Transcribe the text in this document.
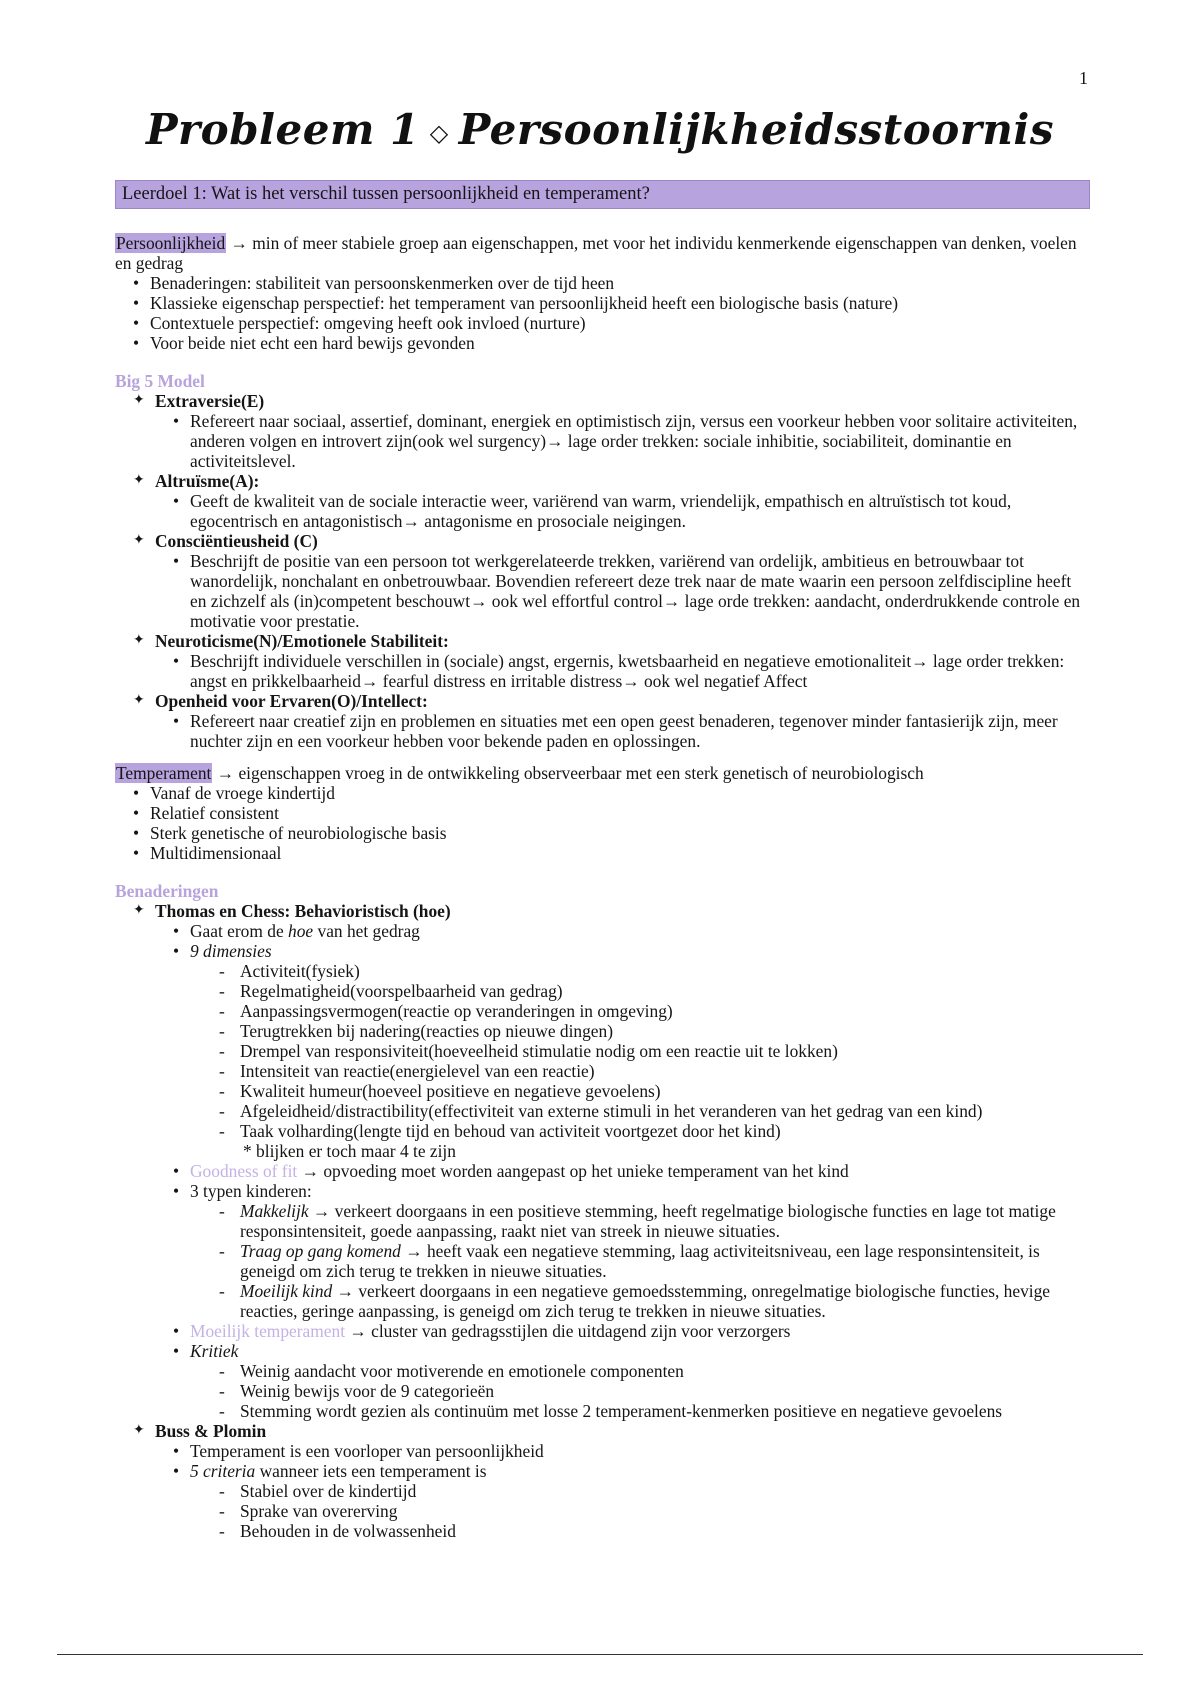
1
Probleem 1 ◇ Persoonlijkheidsstoornis
Leerdoel 1: Wat is het verschil tussen persoonlijkheid en temperament?

Persoonlijkheid → min of meer stabiele groep aan eigenschappen, met voor het individu kenmerkende eigenschappen van denken, voelen en gedrag

• Benaderingen: stabiliteit van persoonskenmerken over de tijd heen
• Klassieke eigenschap perspectief: het temperament van persoonlijkheid heeft een biologische basis (nature)
• Contextuele perspectief: omgeving heeft ook invloed (nurture)
• Voor beide niet echt een hard bewijs gevonden
Big 5 Model
✦ Extraversie(E)
• Refereert naar sociaal, assertief, dominant, energiek en optimistisch zijn, versus een voorkeur hebben voor solitaire activiteiten, anderen volgen en introvert zijn(ook wel surgency)→ lage order trekken: sociale inhibitie, sociabiliteit, dominantie en activiteitslevel.
✦ Altruïsme(A):
• Geeft de kwaliteit van de sociale interactie weer, variërend van warm, vriendelijk, empathisch en altruïstisch tot koud, egocentrisch en antagonistisch→ antagonisme en prosociale neigingen.
✦ Consciëntieusheid (C)
• Beschrijft de positie van een persoon tot werkgerelateerde trekken, variërend van ordelijk, ambitieus en betrouwbaar tot wanordelijk, nonchalant en onbetrouwbaar. Bovendien refereert deze trek naar de mate waarin een persoon zelfdiscipline heeft en zichzelf als (in)competent beschouwt→ ook wel effortful control→ lage orde trekken: aandacht, onderdrukkende controle en motivatie voor prestatie.
✦ Neuroticisme(N)/Emotionele Stabiliteit:
• Beschrijft individuele verschillen in (sociale) angst, ergernis, kwetsbaarheid en negatieve emotionaliteit→ lage order trekken: angst en prikkelbaarheid→ fearful distress en irritable distress→ ook wel negatief Affect
✦ Openheid voor Ervaren(O)/Intellect:
• Refereert naar creatief zijn en problemen en situaties met een open geest benaderen, tegenover minder fantasierijk zijn, meer nuchter zijn en een voorkeur hebben voor bekende paden en oplossingen.

Temperament → eigenschappen vroeg in de ontwikkeling observeerbaar met een sterk genetisch of neurobiologisch

• Vanaf de vroege kindertijd
• Relatief consistent
• Sterk genetische of neurobiologische basis
• Multidimensionaal
Benaderingen
✦ Thomas en Chess: Behavioristisch (hoe)
• Gaat erom de hoe van het gedrag
• 9 dimensies
- Activiteit(fysiek)
- Regelmatigheid(voorspelbaarheid van gedrag)
- Aanpassingsvermogen(reactie op veranderingen in omgeving)
- Terugtrekken bij nadering(reacties op nieuwe dingen)
- Drempel van responsiviteit(hoeveelheid stimulatie nodig om een reactie uit te lokken)
- Intensiteit van reactie(energielevel van een reactie)
- Kwaliteit humeur(hoeveel positieve en negatieve gevoelens)
- Afgeleidheid/distractibility(effectiviteit van externe stimuli in het veranderen van het gedrag van een kind)
- Taak volharding(lengte tijd en behoud van activiteit voortgezet door het kind)
* blijken er toch maar 4 te zijn
• Goodness of fit → opvoeding moet worden aangepast op het unieke temperament van het kind
• 3 typen kinderen:
- Makkelijk → verkeert doorgaans in een positieve stemming, heeft regelmatige biologische functies en lage tot matige responsintensiteit, goede aanpassing, raakt niet van streek in nieuwe situaties.
- Traag op gang komend → heeft vaak een negatieve stemming, laag activiteitsniveau, een lage responsintensiteit, is geneigd om zich terug te trekken in nieuwe situaties.
- Moeilijk kind → verkeert doorgaans in een negatieve gemoedsstemming, onregelmatige biologische functies, hevige reacties, geringe aanpassing, is geneigd om zich terug te trekken in nieuwe situaties.
• Moeilijk temperament → cluster van gedragsstijlen die uitdagend zijn voor verzorgers
• Kritiek
- Weinig aandacht voor motiverende en emotionele componenten
- Weinig bewijs voor de 9 categorieën
- Stemming wordt gezien als continuüm met losse 2 temperament-kenmerken positieve en negatieve gevoelens
✦ Buss & Plomin
• Temperament is een voorloper van persoonlijkheid
• 5 criteria wanneer iets een temperament is
- Stabiel over de kindertijd
- Sprake van overerving
- Behouden in de volwassenheid
